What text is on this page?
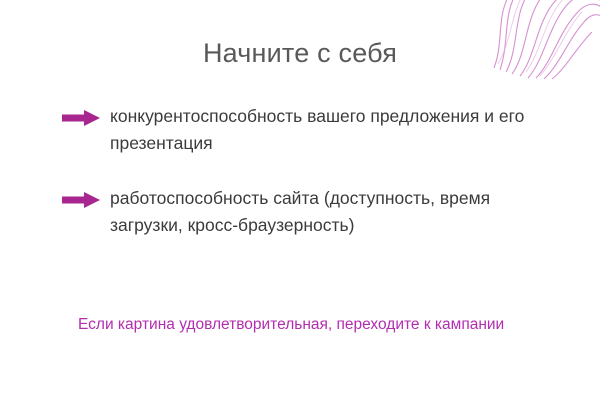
Начните с себя
конкурентоспособность вашего предложения и его презентация
работоспособность сайта (доступность, время загрузки, кросс-браузерность)
Если картина удовлетворительная, переходите к кампании
